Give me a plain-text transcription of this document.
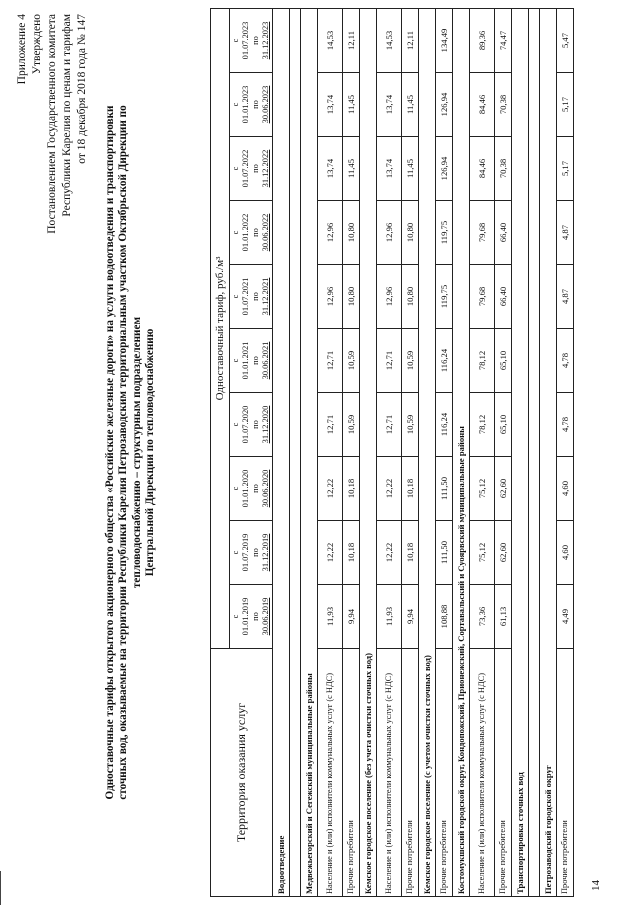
14
Приложение 4 Утверждено Постановлением Государственного комитета Республики Карелия по ценам и тарифам от 18 декабря 2018 года № 147
Одноставочные тарифы открытого акционерного общества «Российские железные дороги» на услуги водоотведения и транспортировки сточных вод, оказываемые на территории Республики Карелия Петрозаводским территориальным участком Октябрьской Дирекции по тепловодоснабжению – структурным подразделением Центральной Дирекции по тепловодоснабжению
Территория оказания услуг	Одноставочный тариф, руб./м³									

	с 01.01.2019 по 30.06.2019	с 01.07.2019 по 31.12.2019	с 01.01.2020 по 30.06.2020	с 01.07.2020 по 31.12.2020	с 01.01.2021 по 30.06.2021	с 01.07.2021 по 31.12.2021	с 01.01.2022 по 30.06.2022	с 01.07.2022 по 31.12.2022	с 01.01.2023 по 30.06.2023	с 01.07.2023 по 31.12.2023

Водоотведение										

Медвежьегорский и Сегежский муниципальные районы										
Население и (или) исполнители коммунальных услуг (с НДС)	11,93	12,22	12,22	12,71	12,71	12,96	12,96	13,74	13,74	14,53
Прочие потребители	9,94	10,18	10,18	10,59	10,59	10,80	10,80	11,45	11,45	12,11
Кемское городское поселение (без учета очистки сточных вод)										
Население и (или) исполнители коммунальных услуг (с НДС)	11,93	12,22	12,22	12,71	12,71	12,96	12,96	13,74	13,74	14,53
Прочие потребители	9,94	10,18	10,18	10,59	10,59	10,80	10,80	11,45	11,45	12,11
Кемское городское поселение (с учетом очистки сточных вод)										
Прочие потребители	108,88	111,50	111,50	116,24	116,24	119,75	119,75	126,94	126,94	134,49
Костомукшский городской округ, Кондопожский, Прионежский, Сортавальский и Суоярвский муниципальные районы										
Население и (или) исполнители коммунальных услуг (с НДС)	73,36	75,12	75,12	78,12	78,12	79,68	79,68	84,46	84,46	89,36
Прочие потребители	61,13	62,60	62,60	65,10	65,10	66,40	66,40	70,38	70,38	74,47
Транспортировка сточных вод										

Петрозаводский городской округ										
Прочие потребители	4,49	4,60	4,60	4,78	4,78	4,87	4,87	5,17	5,17	5,47
